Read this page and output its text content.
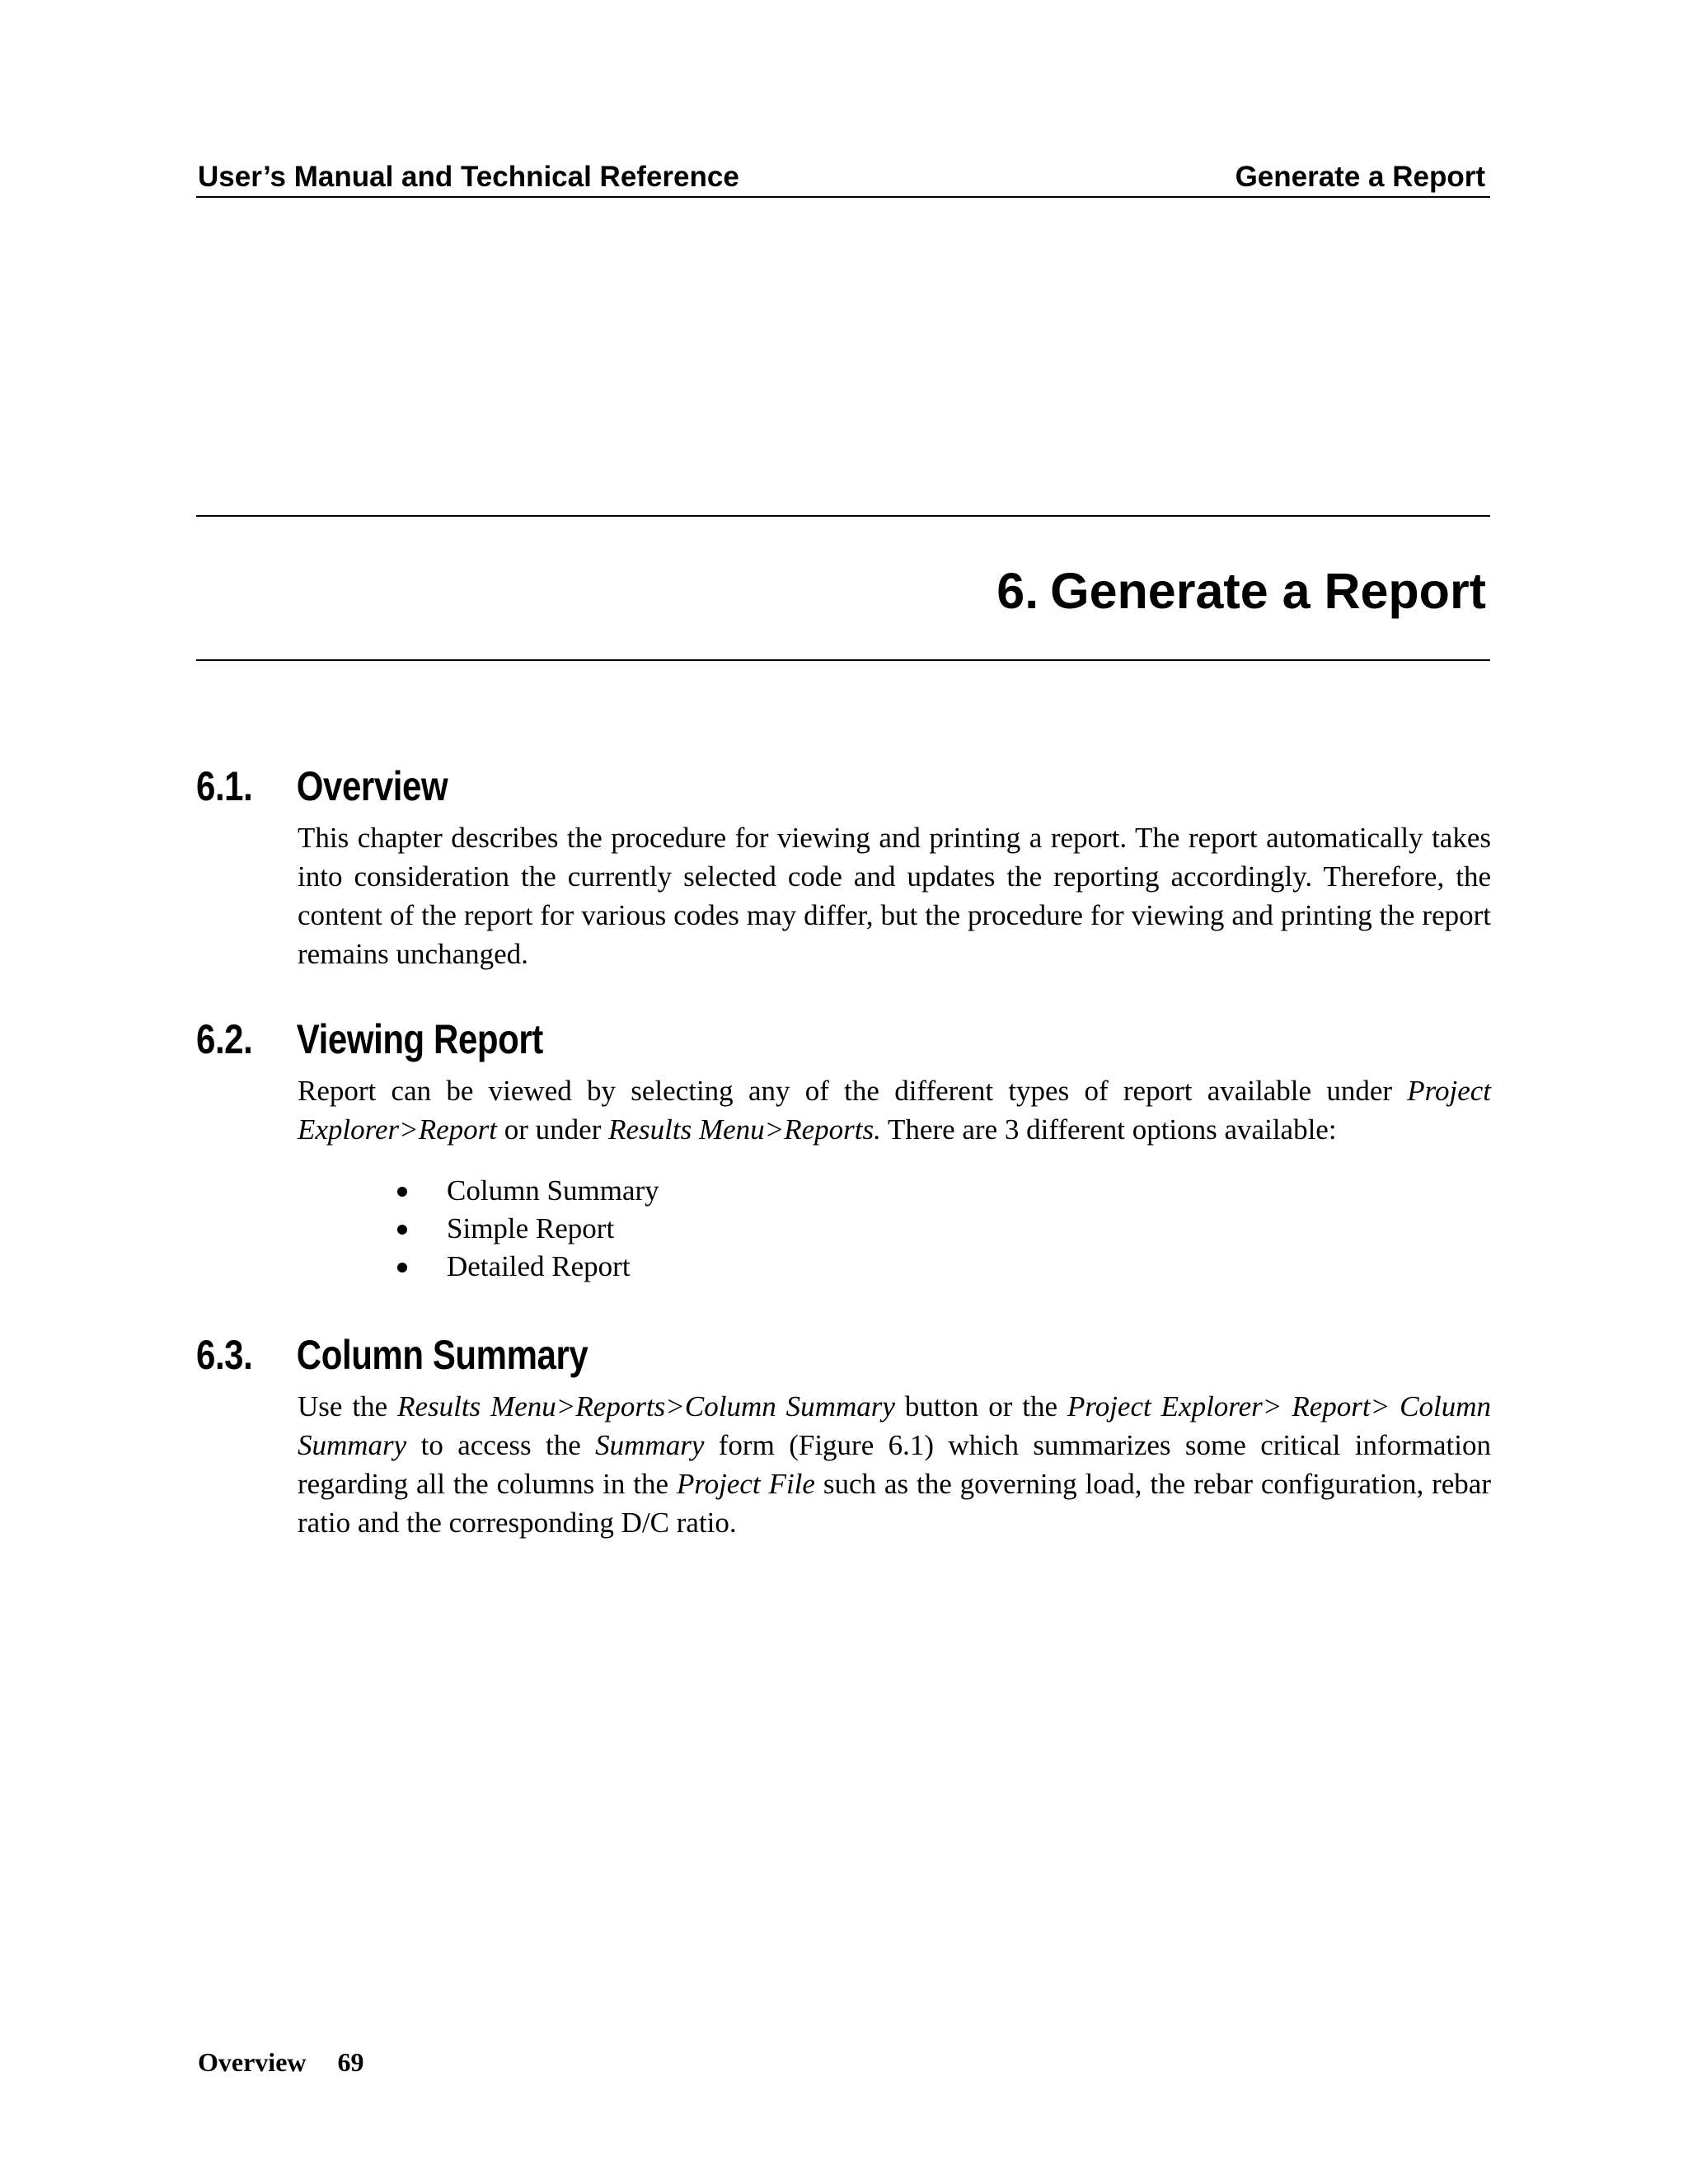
User’s Manual and Technical Reference	Generate a Report
6. Generate a Report
6.1. Overview
This chapter describes the procedure for viewing and printing a report. The report automatically takes into consideration the currently selected code and updates the reporting accordingly. Therefore, the content of the report for various codes may differ, but the procedure for viewing and printing the report remains unchanged.
6.2. Viewing Report
Report can be viewed by selecting any of the different types of report available under Project Explorer>Report or under Results Menu>Reports. There are 3 different options available:
Column Summary
Simple Report
Detailed Report
6.3. Column Summary
Use the Results Menu>Reports>Column Summary button or the Project Explorer> Report> Column Summary to access the Summary form (Figure 6.1) which summarizes some critical information regarding all the columns in the Project File such as the governing load, the rebar configuration, rebar ratio and the corresponding D/C ratio.
Overview 69
